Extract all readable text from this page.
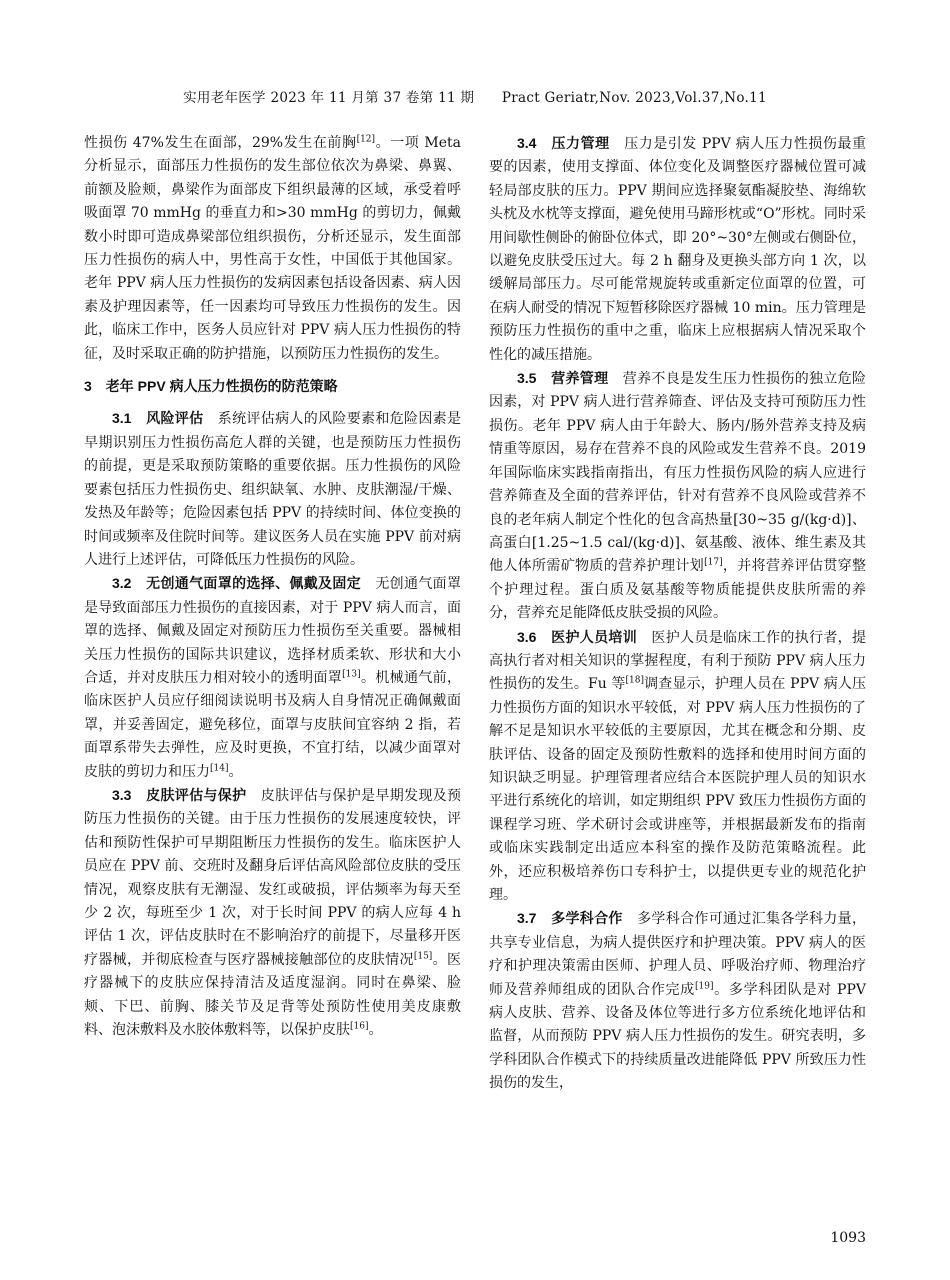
实用老年医学 2023 年 11 月第 37 卷第 11 期　　Pract Geriatr,Nov. 2023,Vol.37,No.11

性损伤 47%发生在面部，29%发生在前胸[12]。一项 Meta 分析显示，面部压力性损伤的发生部位依次为鼻梁、鼻翼、前额及脸颊，鼻梁作为面部皮下组织最薄的区域，承受着呼吸面罩 70 mmHg 的垂直力和>30 mmHg 的剪切力，佩戴数小时即可造成鼻梁部位组织损伤，分析还显示，发生面部压力性损伤的病人中，男性高于女性，中国低于其他国家。老年 PPV 病人压力性损伤的发病因素包括设备因素、病人因素及护理因素等，任一因素均可导致压力性损伤的发生。因此，临床工作中，医务人员应针对 PPV 病人压力性损伤的特征，及时采取正确的防护措施，以预防压力性损伤的发生。

3　老年 PPV 病人压力性损伤的防范策略

3.1　风险评估　系统评估病人的风险要素和危险因素是早期识别压力性损伤高危人群的关键，也是预防压力性损伤的前提，更是采取预防策略的重要依据。压力性损伤的风险要素包括压力性损伤史、组织缺氧、水肿、皮肤潮湿/干燥、发热及年龄等；危险因素包括 PPV 的持续时间、体位变换的时间或频率及住院时间等。建议医务人员在实施 PPV 前对病人进行上述评估，可降低压力性损伤的风险。

3.2　无创通气面罩的选择、佩戴及固定　无创通气面罩是导致面部压力性损伤的直接因素，对于 PPV 病人而言，面罩的选择、佩戴及固定对预防压力性损伤至关重要。器械相关压力性损伤的国际共识建议，选择材质柔软、形状和大小合适，并对皮肤压力相对较小的透明面罩[13]。机械通气前，临床医护人员应仔细阅读说明书及病人自身情况正确佩戴面罩，并妥善固定，避免移位，面罩与皮肤间宜容纳 2 指，若面罩系带失去弹性，应及时更换，不宜打结，以减少面罩对皮肤的剪切力和压力[14]。

3.3　皮肤评估与保护　皮肤评估与保护是早期发现及预防压力性损伤的关键。由于压力性损伤的发展速度较快，评估和预防性保护可早期阻断压力性损伤的发生。临床医护人员应在 PPV 前、交班时及翻身后评估高风险部位皮肤的受压情况，观察皮肤有无潮湿、发红或破损，评估频率为每天至少 2 次，每班至少 1 次，对于长时间 PPV 的病人应每 4 h 评估 1 次，评估皮肤时在不影响治疗的前提下，尽量移开医疗器械，并彻底检查与医疗器械接触部位的皮肤情况[15]。医疗器械下的皮肤应保持清洁及适度湿润。同时在鼻梁、脸颊、下巴、前胸、膝关节及足背等处预防性使用美皮康敷料、泡沫敷料及水胶体敷料等，以保护皮肤[16]。

3.4　压力管理　压力是引发 PPV 病人压力性损伤最重要的因素，使用支撑面、体位变化及调整医疗器械位置可减轻局部皮肤的压力。PPV 期间应选择聚氨酯凝胶垫、海绵软头枕及水枕等支撑面，避免使用马蹄形枕或“O”形枕。同时采用间歇性侧卧的俯卧位体式，即 20°~30°左侧或右侧卧位，以避免皮肤受压过大。每 2 h 翻身及更换头部方向 1 次，以缓解局部压力。尽可能常规旋转或重新定位面罩的位置，可在病人耐受的情况下短暂移除医疗器械 10 min。压力管理是预防压力性损伤的重中之重，临床上应根据病人情况采取个性化的减压措施。

3.5　营养管理　营养不良是发生压力性损伤的独立危险因素，对 PPV 病人进行营养筛查、评估及支持可预防压力性损伤。老年 PPV 病人由于年龄大、肠内/肠外营养支持及病情重等原因，易存在营养不良的风险或发生营养不良。2019 年国际临床实践指南指出，有压力性损伤风险的病人应进行营养筛查及全面的营养评估，针对有营养不良风险或营养不良的老年病人制定个性化的包含高热量[30~35 g/(kg·d)]、高蛋白[1.25~1.5 cal/(kg·d)]、氨基酸、液体、维生素及其他人体所需矿物质的营养护理计划[17]，并将营养评估贯穿整个护理过程。蛋白质及氨基酸等物质能提供皮肤所需的养分，营养充足能降低皮肤受损的风险。

3.6　医护人员培训　医护人员是临床工作的执行者，提高执行者对相关知识的掌握程度，有利于预防 PPV 病人压力性损伤的发生。Fu 等[18]调查显示，护理人员在 PPV 病人压力性损伤方面的知识水平较低，对 PPV 病人压力性损伤的了解不足是知识水平较低的主要原因，尤其在概念和分期、皮肤评估、设备的固定及预防性敷料的选择和使用时间方面的知识缺乏明显。护理管理者应结合本医院护理人员的知识水平进行系统化的培训，如定期组织 PPV 致压力性损伤方面的课程学习班、学术研讨会或讲座等，并根据最新发布的指南或临床实践制定出适应本科室的操作及防范策略流程。此外，还应积极培养伤口专科护士，以提供更专业的规范化护理。

3.7　多学科合作　多学科合作可通过汇集各学科力量，共享专业信息，为病人提供医疗和护理决策。PPV 病人的医疗和护理决策需由医师、护理人员、呼吸治疗师、物理治疗师及营养师组成的团队合作完成[19]。多学科团队是对 PPV 病人皮肤、营养、设备及体位等进行多方位系统化地评估和监督，从而预防 PPV 病人压力性损伤的发生。研究表明，多学科团队合作模式下的持续质量改进能降低 PPV 所致压力性损伤的发生，

1093
